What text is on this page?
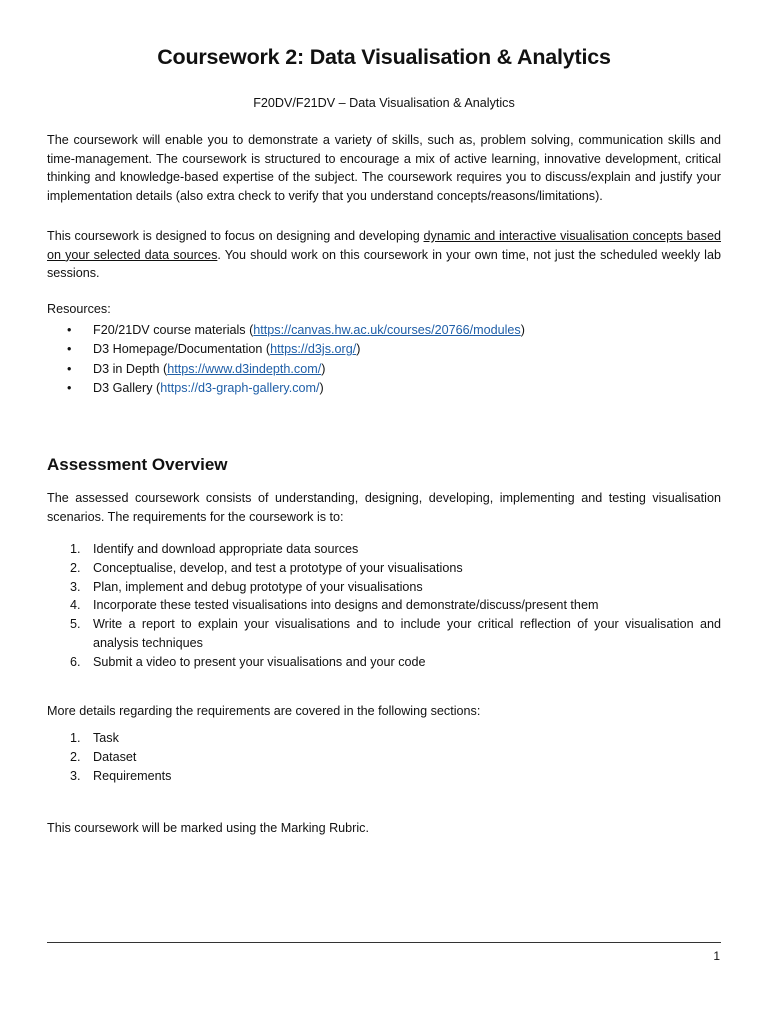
Coursework 2: Data Visualisation & Analytics
F20DV/F21DV – Data Visualisation & Analytics

The coursework will enable you to demonstrate a variety of skills, such as, problem solving, communication skills and time-management. The coursework is structured to encourage a mix of active learning, innovative development, critical thinking and knowledge-based expertise of the subject. The coursework requires you to discuss/explain and justify your implementation details (also extra check to verify that you understand concepts/reasons/limitations).

This coursework is designed to focus on designing and developing dynamic and interactive visualisation concepts based on your selected data sources. You should work on this coursework in your own time, not just the scheduled weekly lab sessions.

Resources:
• F20/21DV course materials (https://canvas.hw.ac.uk/courses/20766/modules)
• D3 Homepage/Documentation (https://d3js.org/)
• D3 in Depth (https://www.d3indepth.com/)
• D3 Gallery (https://d3-graph-gallery.com/)
Assessment Overview

The assessed coursework consists of understanding, designing, developing, implementing and testing visualisation scenarios. The requirements for the coursework is to:

1. Identify and download appropriate data sources
2. Conceptualise, develop, and test a prototype of your visualisations
3. Plan, implement and debug prototype of your visualisations
4. Incorporate these tested visualisations into designs and demonstrate/discuss/present them
5. Write a report to explain your visualisations and to include your critical reflection of your visualisation and analysis techniques
6. Submit a video to present your visualisations and your code

More details regarding the requirements are covered in the following sections:

1. Task
2. Dataset
3. Requirements

This coursework will be marked using the Marking Rubric.

1
